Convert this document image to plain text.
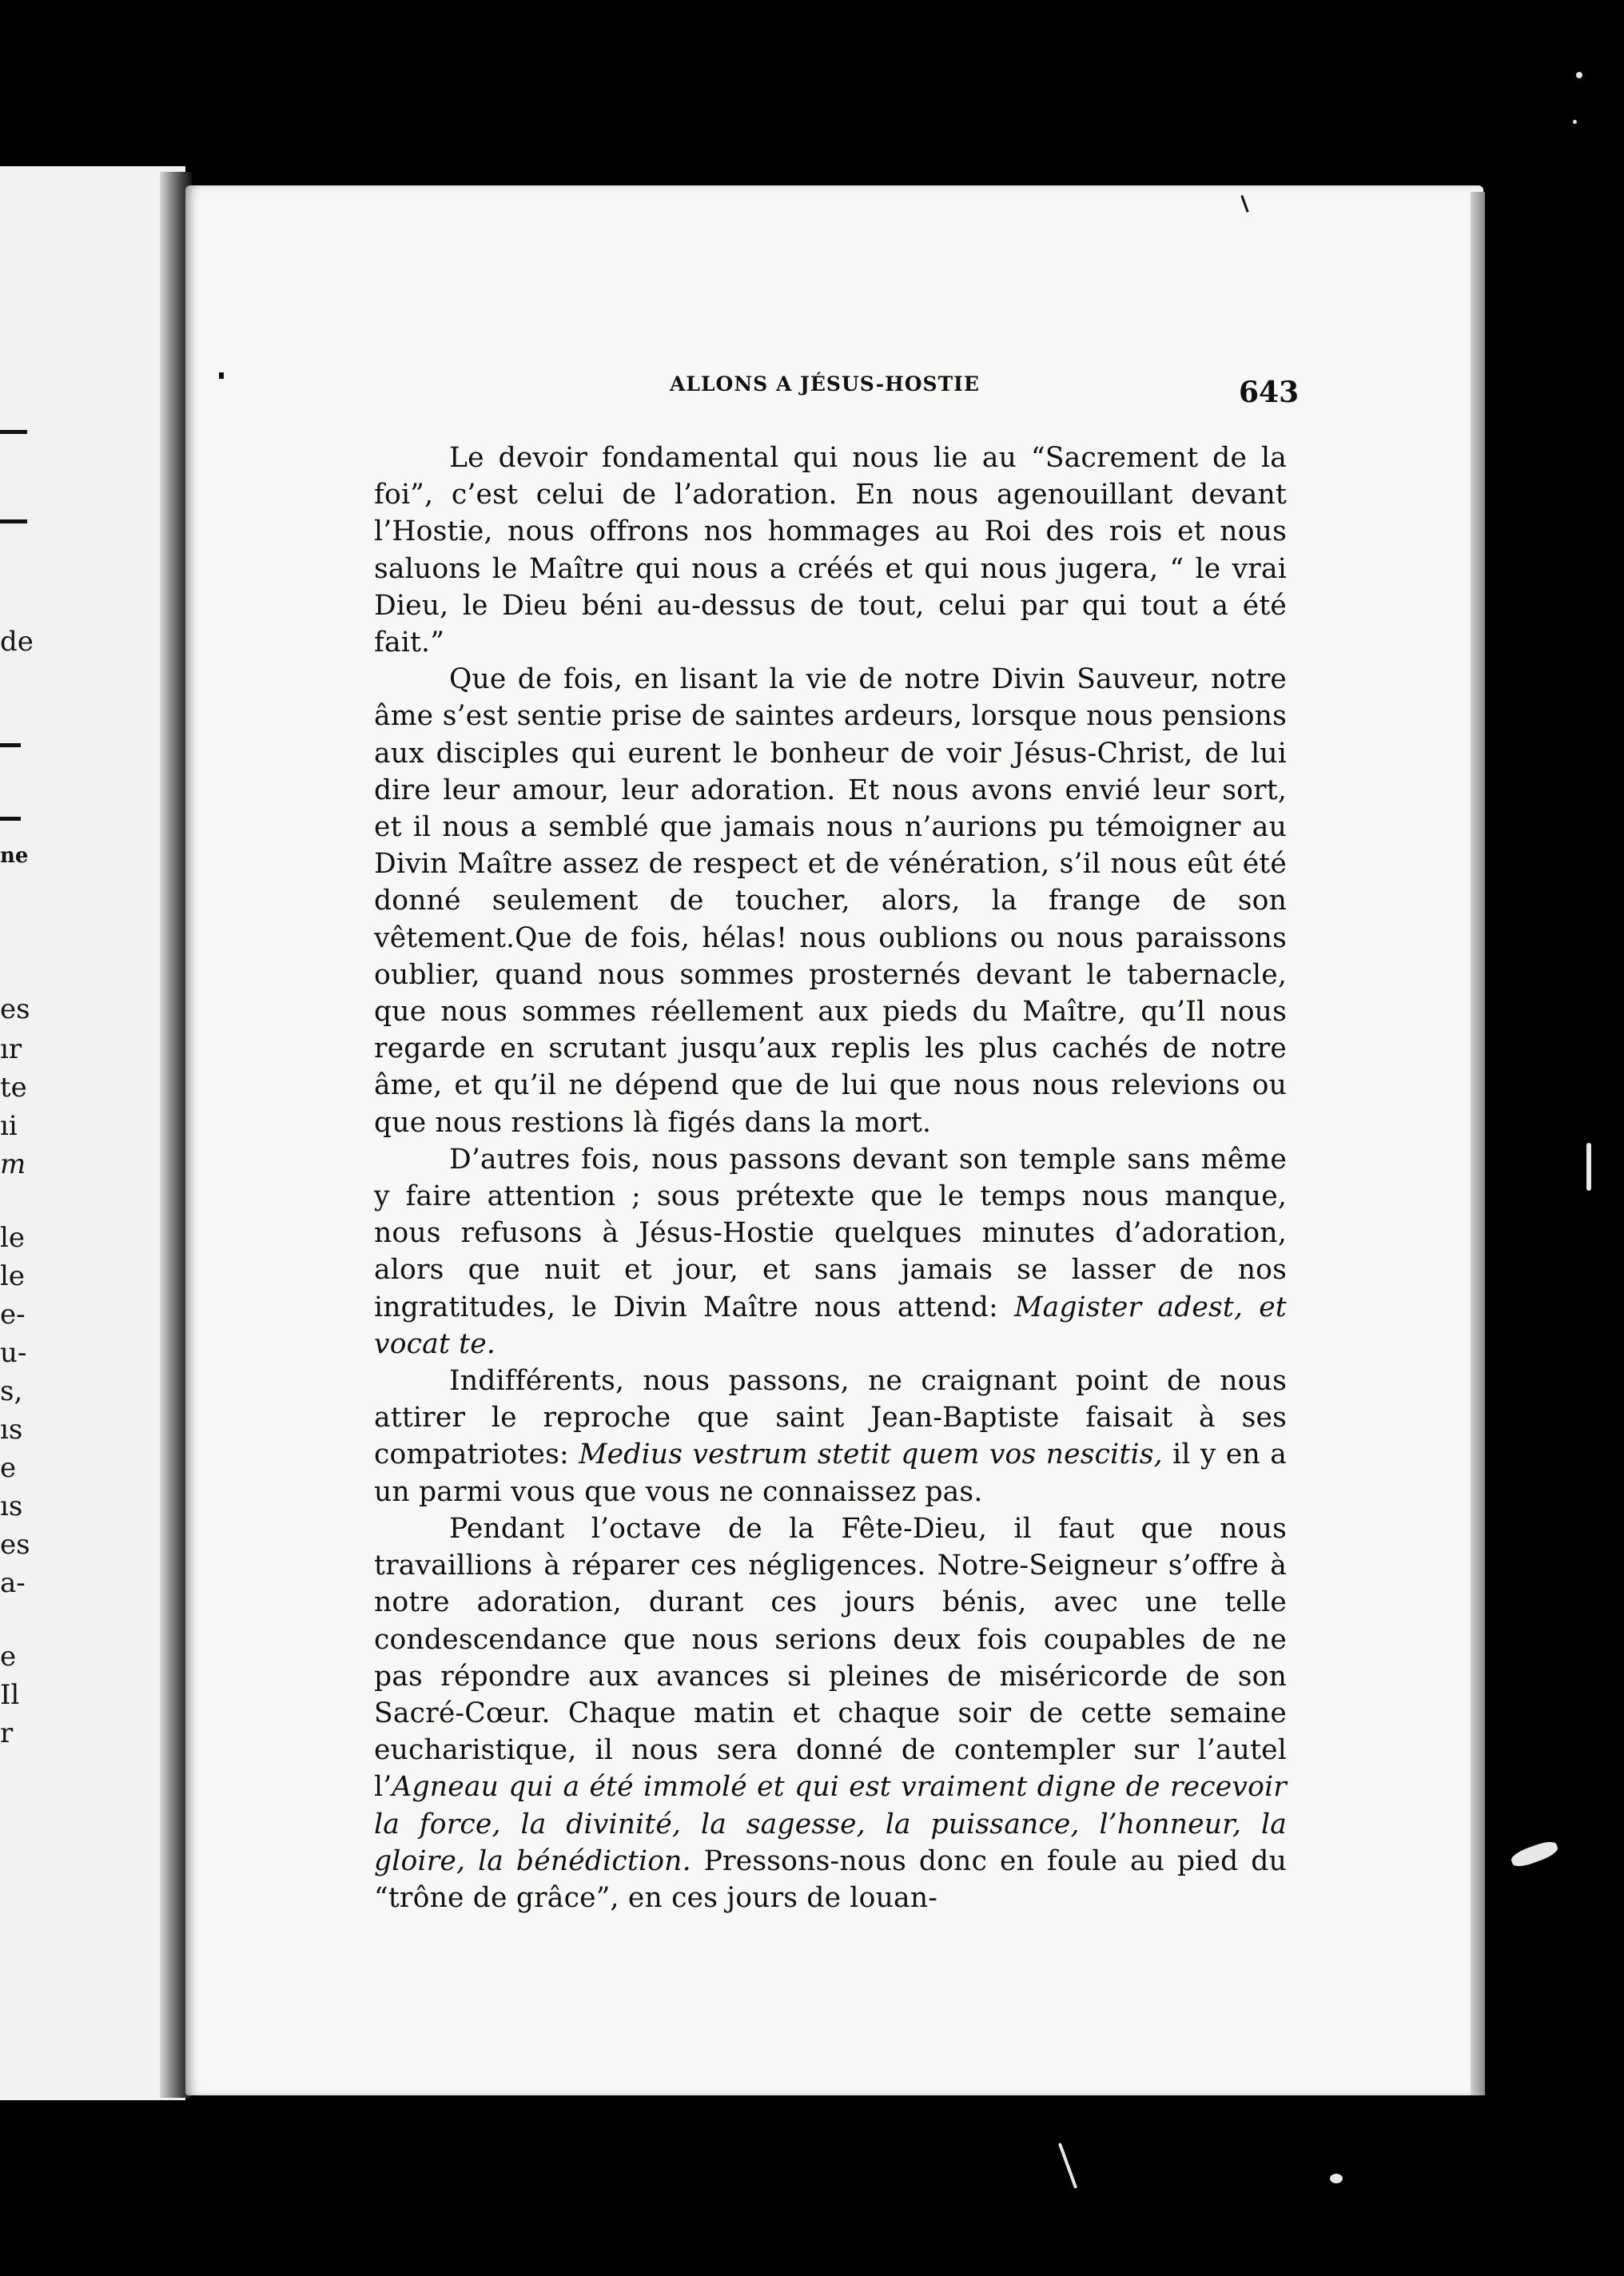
de
ne
es
ır
te
ıi
m
le
le
e-
u-
s,
ıs
e
ıs
es
a-
e
Il
r
ALLONS A JÉSUS-HOSTIE	643

Le devoir fondamental qui nous lie au “Sacrement de la foi”, c’est celui de l’adoration. En nous agenouillant devant l’Hostie, nous offrons nos hommages au Roi des rois et nous saluons le Maître qui nous a créés et qui nous jugera, “ le vrai Dieu, le Dieu béni au-dessus de tout, celui par qui tout a été fait.”

Que de fois, en lisant la vie de notre Divin Sauveur, notre âme s’est sentie prise de saintes ardeurs, lorsque nous pensions aux disciples qui eurent le bonheur de voir Jésus-Christ, de lui dire leur amour, leur adoration. Et nous avons envié leur sort, et il nous a semblé que jamais nous n’aurions pu témoigner au Divin Maître assez de respect et de vénération, s’il nous eût été donné seulement de toucher, alors, la frange de son vêtement.Que de fois, hélas! nous oublions ou nous paraissons oublier, quand nous sommes prosternés devant le tabernacle, que nous sommes réellement aux pieds du Maître, qu’Il nous regarde en scrutant jusqu’aux replis les plus cachés de notre âme, et qu’il ne dépend que de lui que nous nous relevions ou que nous restions là figés dans la mort.

D’autres fois, nous passons devant son temple sans même y faire attention ; sous prétexte que le temps nous manque, nous refusons à Jésus-Hostie quelques minutes d’adoration, alors que nuit et jour, et sans jamais se lasser de nos ingratitudes, le Divin Maître nous attend: Magister adest, et vocat te.

Indifférents, nous passons, ne craignant point de nous attirer le reproche que saint Jean-Baptiste faisait à ses compatriotes: Medius vestrum stetit quem vos nescitis, il y en a un parmi vous que vous ne connaissez pas.

Pendant l’octave de la Fête-Dieu, il faut que nous travaillions à réparer ces négligences. Notre-Seigneur s’offre à notre adoration, durant ces jours bénis, avec une telle condescendance que nous serions deux fois coupables de ne pas répondre aux avances si pleines de miséricorde de son Sacré-Cœur. Chaque matin et chaque soir de cette semaine eucharistique, il nous sera donné de contempler sur l’autel l’Agneau qui a été immolé et qui est vraiment digne de recevoir la force, la divinité, la sagesse, la puissance, l’honneur, la gloire, la bénédiction. Pressons-nous donc en foule au pied du “trône de grâce”, en ces jours de louan-
